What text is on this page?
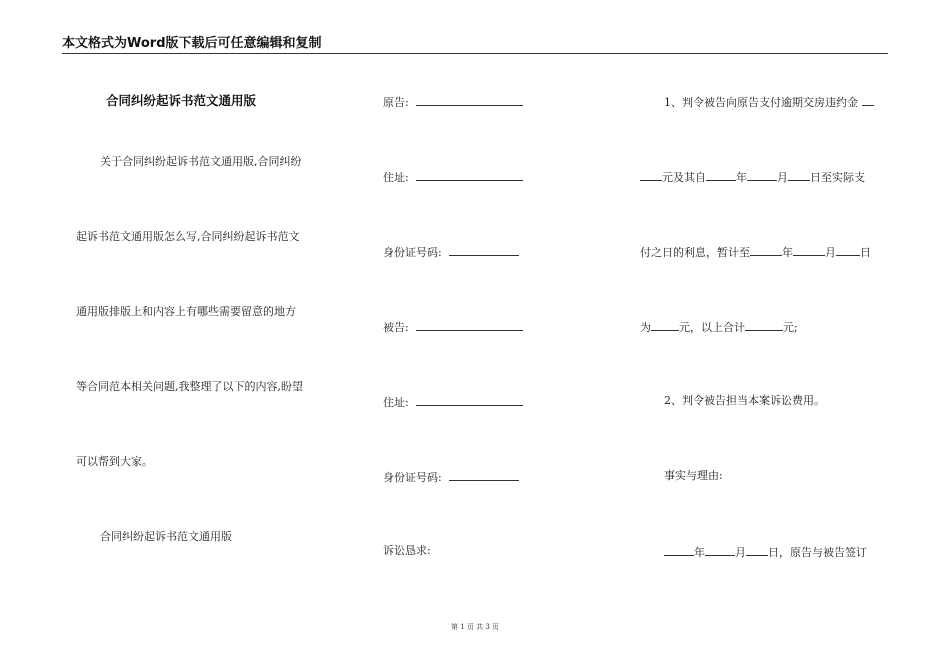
本文格式为Word版下载后可任意编辑和复制
合同纠纷起诉书范文通用版
关于合同纠纷起诉书范文通用版,合同纠纷
起诉书范文通用版怎么写,合同纠纷起诉书范文
通用版排版上和内容上有哪些需要留意的地方
等合同范本相关问题,我整理了以下的内容,盼望
可以帮到大家。
合同纠纷起诉书范文通用版
原告:
住址:
身份证号码:
被告:
住址:
身份证号码:
诉讼恳求:
1、判令被告向原告支付逾期交房违约金
元及其自	年	月 日至实际支
付之日的利息，暂计至	年	月 日
为	元，以上合计	元;
2、判令被告担当本案诉讼费用。
事实与理由:
年	月 日，原告与被告签订
第 1 页 共 3 页
